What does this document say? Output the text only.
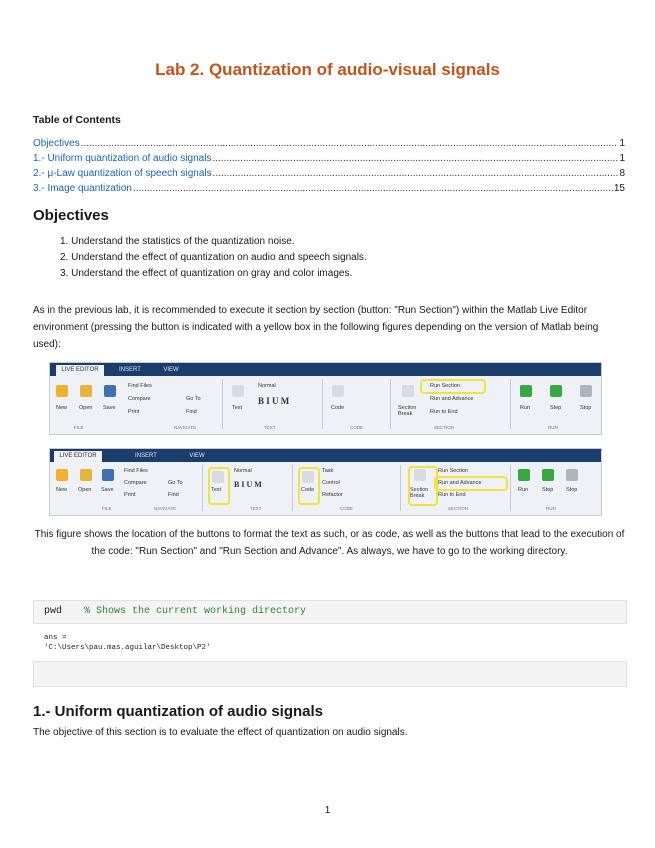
Lab 2. Quantization of audio-visual signals
Table of Contents
Objectives .....	1
1.- Uniform quantization of audio signals .....	1
2.- μ-Law quantization of speech signals .....	8
3.- Image quantization .....	15
Objectives
1. Understand the statistics of the quantization noise.
2. Understand the effect of quantization on audio and speech signals.
3. Understand the effect of quantization on gray and color images.
As in the previous lab, it is recommended to execute it section by section (button: "Run Section") within the Matlab Live Editor environment (pressing the button is indicated with a yellow box in the following figures depending on the version of Matlab being used):
LIVE EDITOR	INSERT	VIEW
New Open Save
Find Files
Compare
Print
Go To
Find
Text
Normal
B I U M
Code	Section Break
Run Section
Run and Advance
Run to End
Run	Step	Stop
FILE	NAVIGATE	TEXT	CODE	SECTION	RUN
LIVE EDITOR	INSERT	VIEW
New Open Save
Find Files
Compare
Print
Go To
Find
Text
Normal
B I U M
Code
Task
Control
Refactor
Section Break
Run Section
Run and Advance
Run to End
Run	Step Stop
FILE	NAVIGATE	TEXT	CODE	SECTION	RUN
This figure shows the location of the buttons to format the text as such, or as code, as well as the buttons that lead to the execution of the code: "Run Section" and "Run Section and Advance". As always, we have to go to the working directory.
pwd % Shows the current working directory
ans =
'C:\Users\pau.mas.aguilar\Desktop\P2'
1.- Uniform quantization of audio signals
The objective of this section is to evaluate the effect of quantization on audio signals.
1
